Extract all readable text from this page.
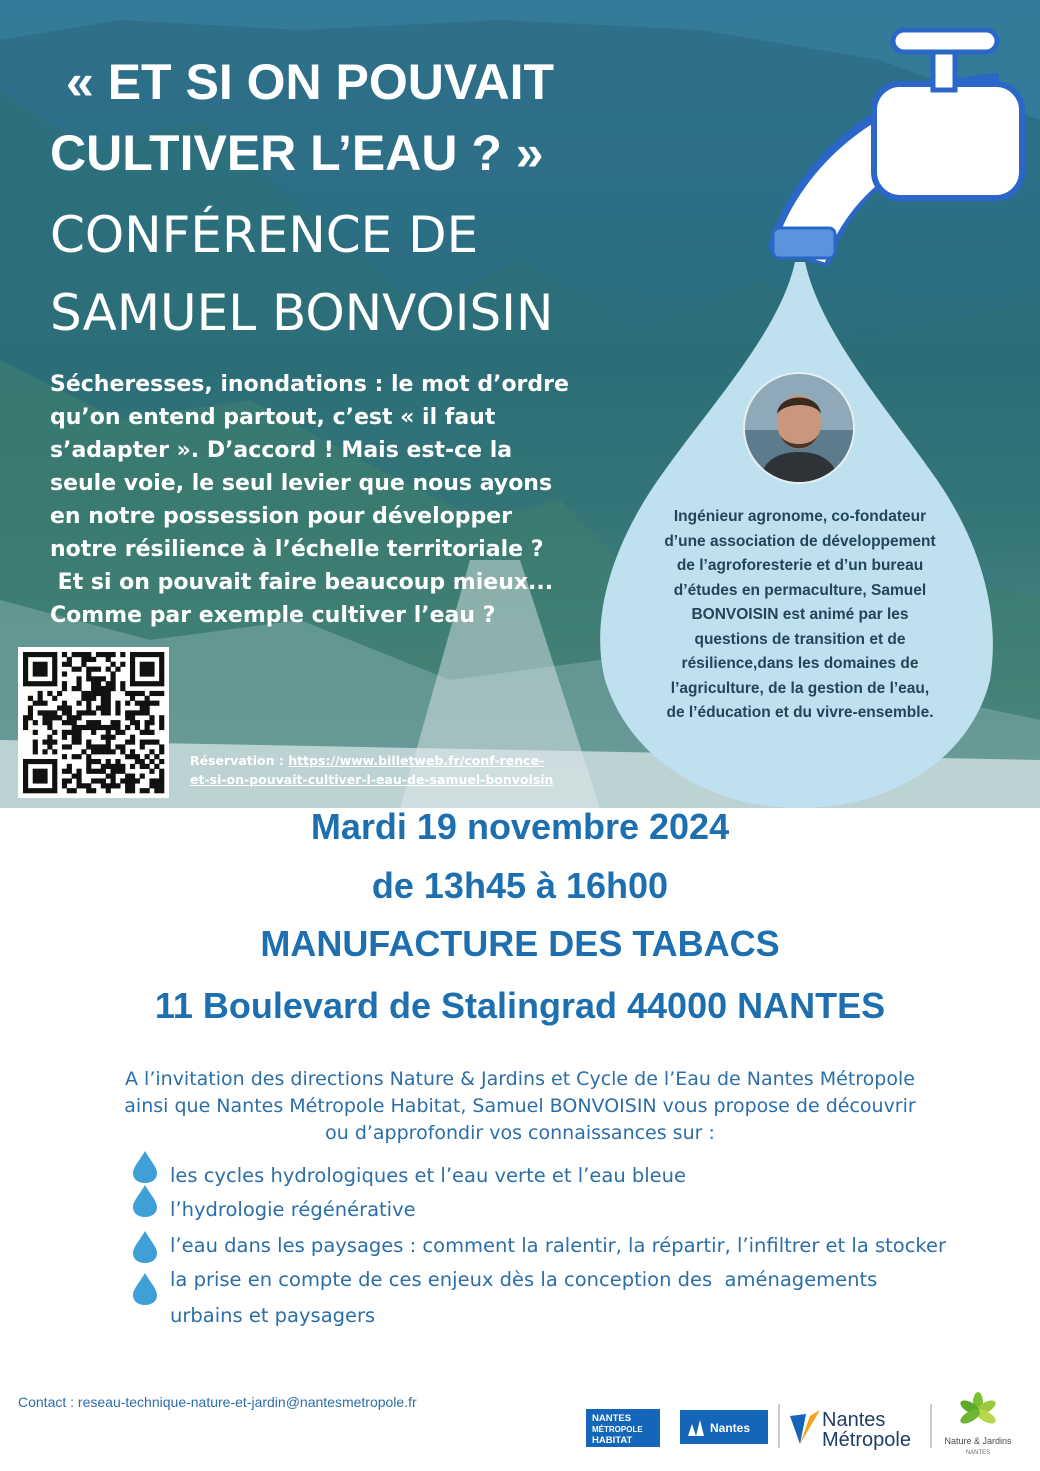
« ET SI ON POUVAIT
CULTIVER L’EAU ? »
CONFÉRENCE DE
SAMUEL BONVOISIN
Sécheresses, inondations : le mot d’ordre
qu’on entend partout, c’est « il faut
s’adapter ». D’accord ! Mais est-ce la
seule voie, le seul levier que nous ayons
en notre possession pour développer
notre résilience à l’échelle territoriale ?
Et si on pouvait faire beaucoup mieux...
Comme par exemple cultiver l’eau ?
Ingénieur agronome, co-fondateur
d’une association de développement
de l’agroforesterie et d’un bureau
d’études en permaculture, Samuel
BONVOISIN est animé par les
questions de transition et de
résilience,dans les domaines de
l’agriculture, de la gestion de l’eau,
de l’éducation et du vivre-ensemble.
Réservation : https://www.billetweb.fr/conf-rence-
et-si-on-pouvait-cultiver-l-eau-de-samuel-bonvoisin
Mardi 19 novembre 2024
de 13h45 à 16h00
MANUFACTURE DES TABACS
11 Boulevard de Stalingrad 44000 NANTES
A l’invitation des directions Nature & Jardins et Cycle de l’Eau de Nantes Métropole
ainsi que Nantes Métropole Habitat, Samuel BONVOISIN vous propose de découvrir
ou d’approfondir vos connaissances sur :
les cycles hydrologiques et l’eau verte et l’eau bleue
l’hydrologie régénérative
l’eau dans les paysages : comment la ralentir, la répartir, l’infiltrer et la stocker
la prise en compte de ces enjeux dès la conception des  aménagements
urbains et paysagers
Contact : reseau-technique-nature-et-jardin@nantesmetropole.fr
NANTES
MÉTROPOLE
HABITAT
Nantes	Nantes
Métropole	Nature & Jardins
NANTES
